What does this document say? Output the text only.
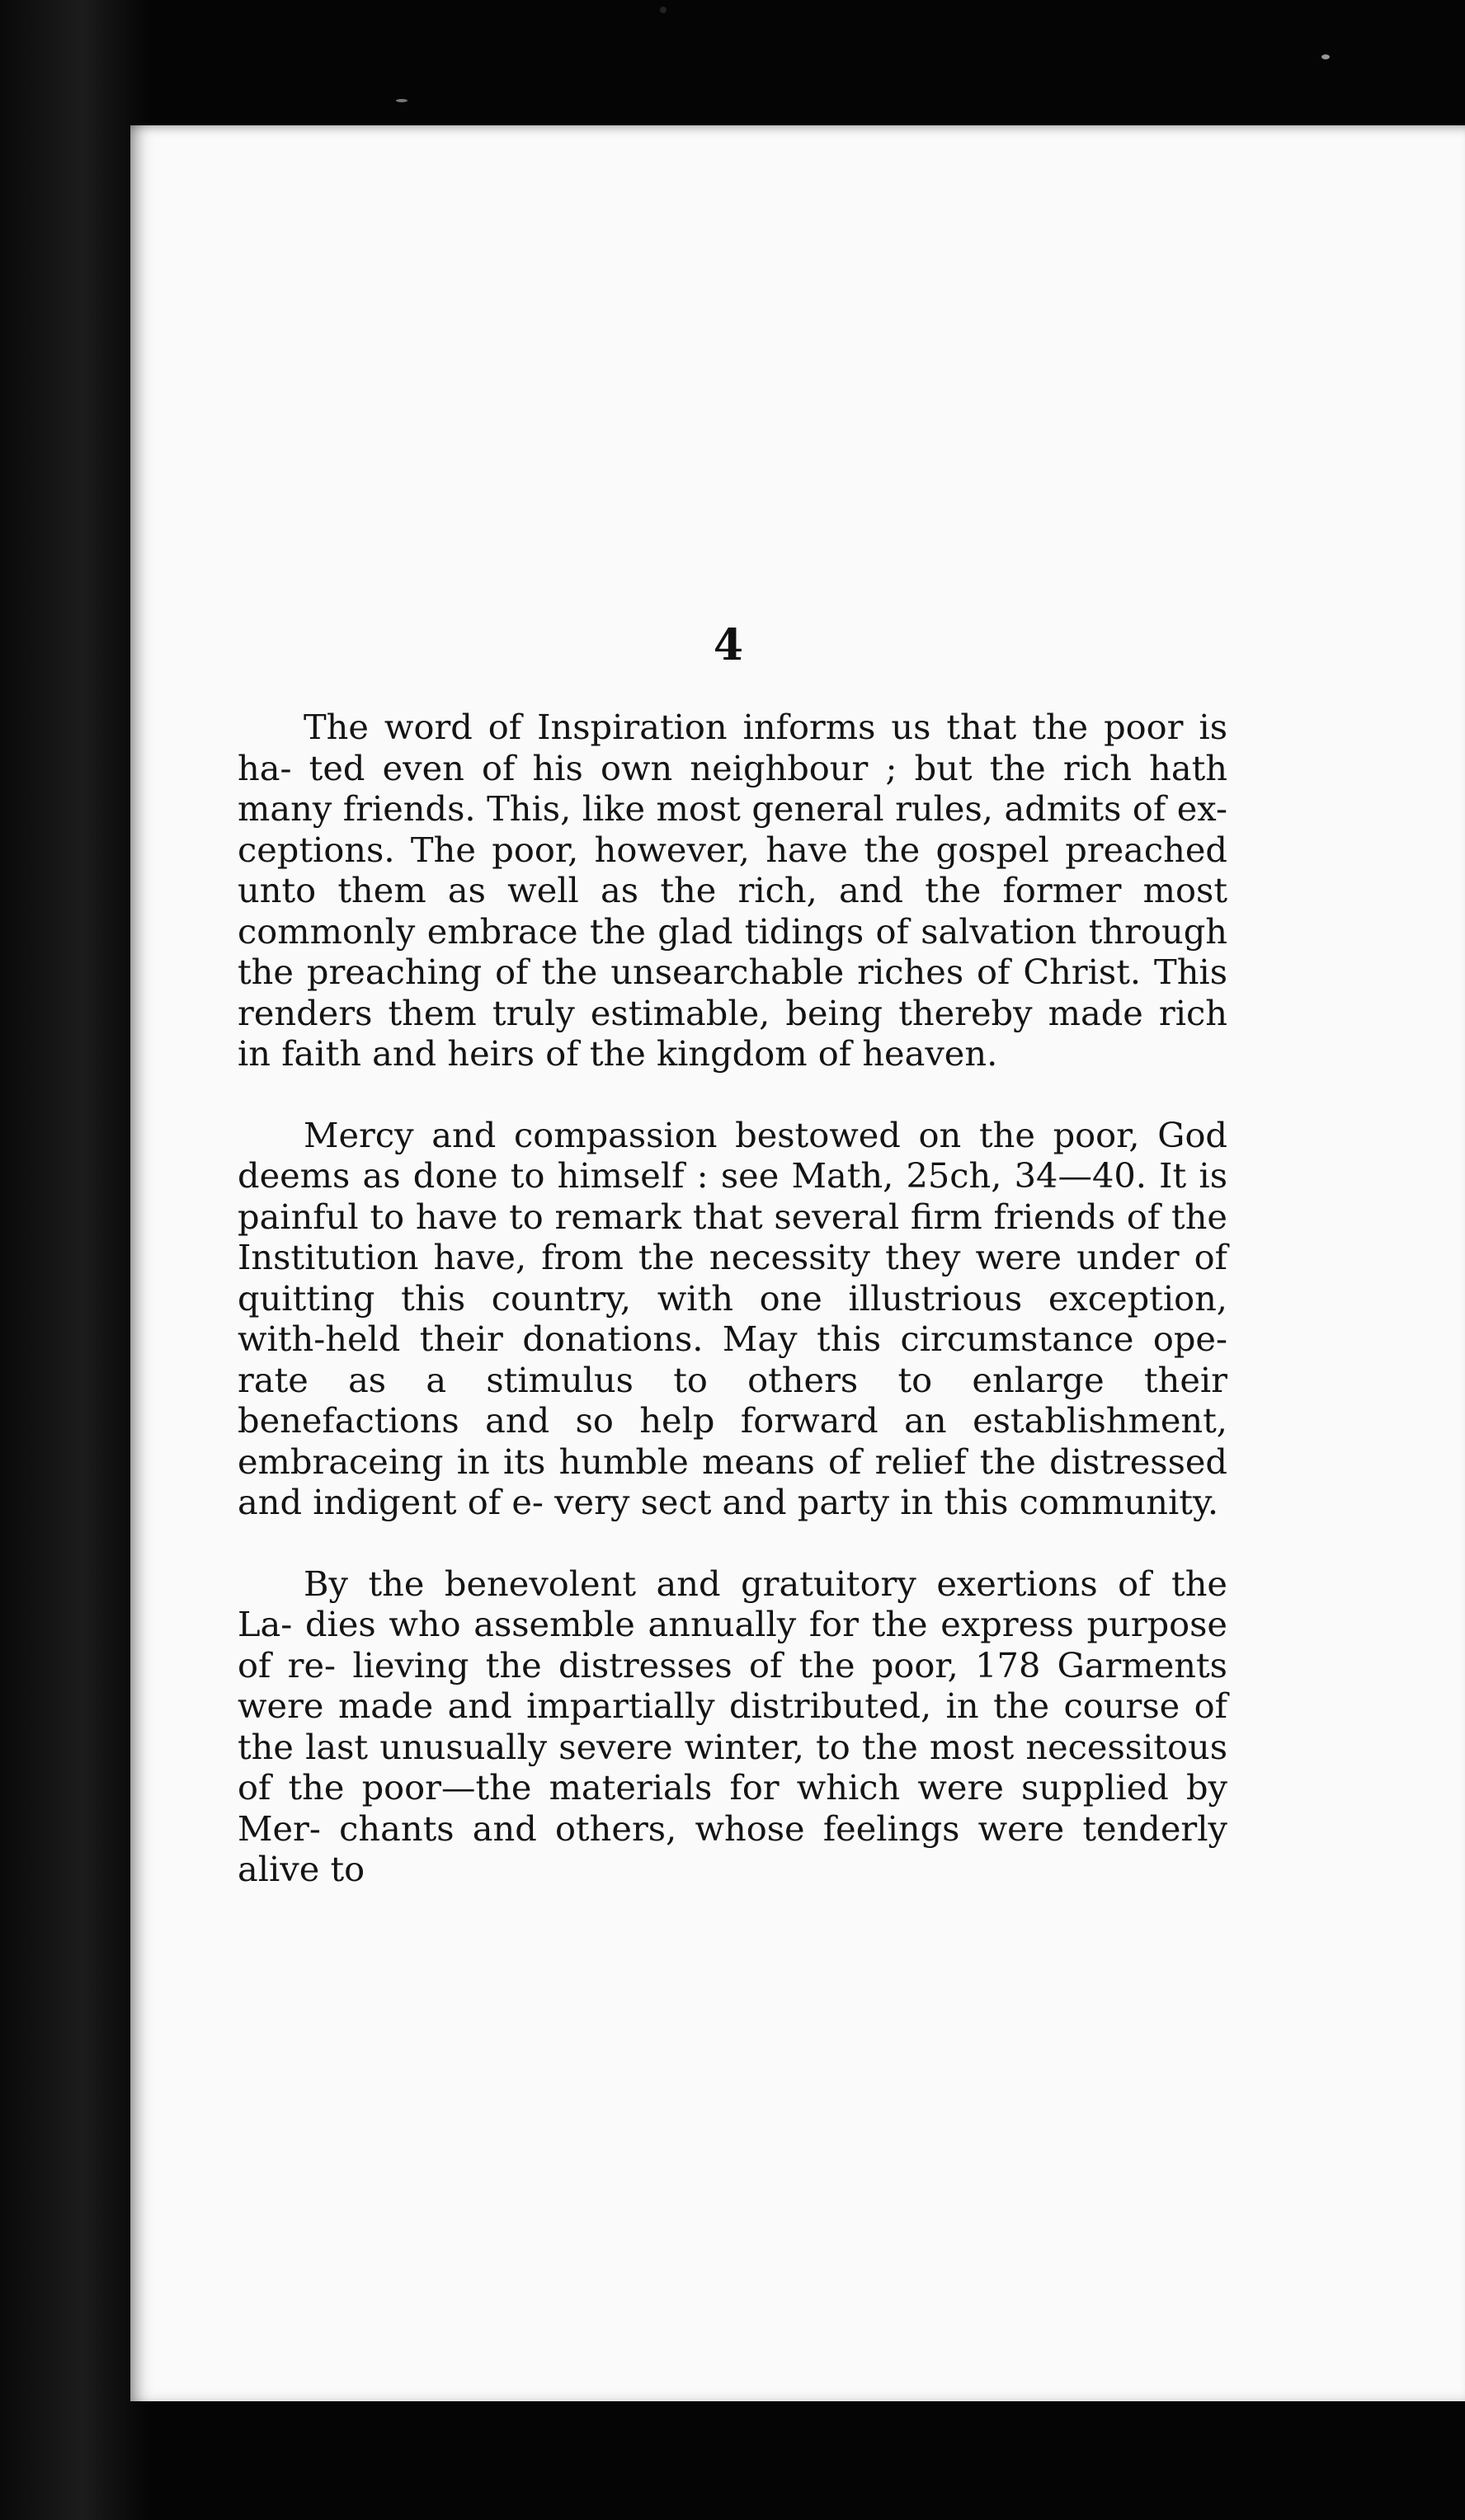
4

The word of Inspiration informs us that the poor is ha- ted even of his own neighbour ; but the rich hath many friends. This, like most general rules, admits of ex- ceptions. The poor, however, have the gospel preached unto them as well as the rich, and the former most commonly embrace the glad tidings of salvation through the preaching of the unsearchable riches of Christ. This renders them truly estimable, being thereby made rich in faith and heirs of the kingdom of heaven.

Mercy and compassion bestowed on the poor, God deems as done to himself : see Math, 25ch, 34—40. It is painful to have to remark that several firm friends of the Institution have, from the necessity they were under of quitting this country, with one illustrious exception, with-held their donations. May this circumstance ope- rate as a stimulus to others to enlarge their benefactions and so help forward an establishment, embraceing in its humble means of relief the distressed and indigent of e- very sect and party in this community.

By the benevolent and gratuitory exertions of the La- dies who assemble annually for the express purpose of re- lieving the distresses of the poor, 178 Garments were made and impartially distributed, in the course of the last unusually severe winter, to the most necessitous of the poor—the materials for which were supplied by Mer- chants and others, whose feelings were tenderly alive to
